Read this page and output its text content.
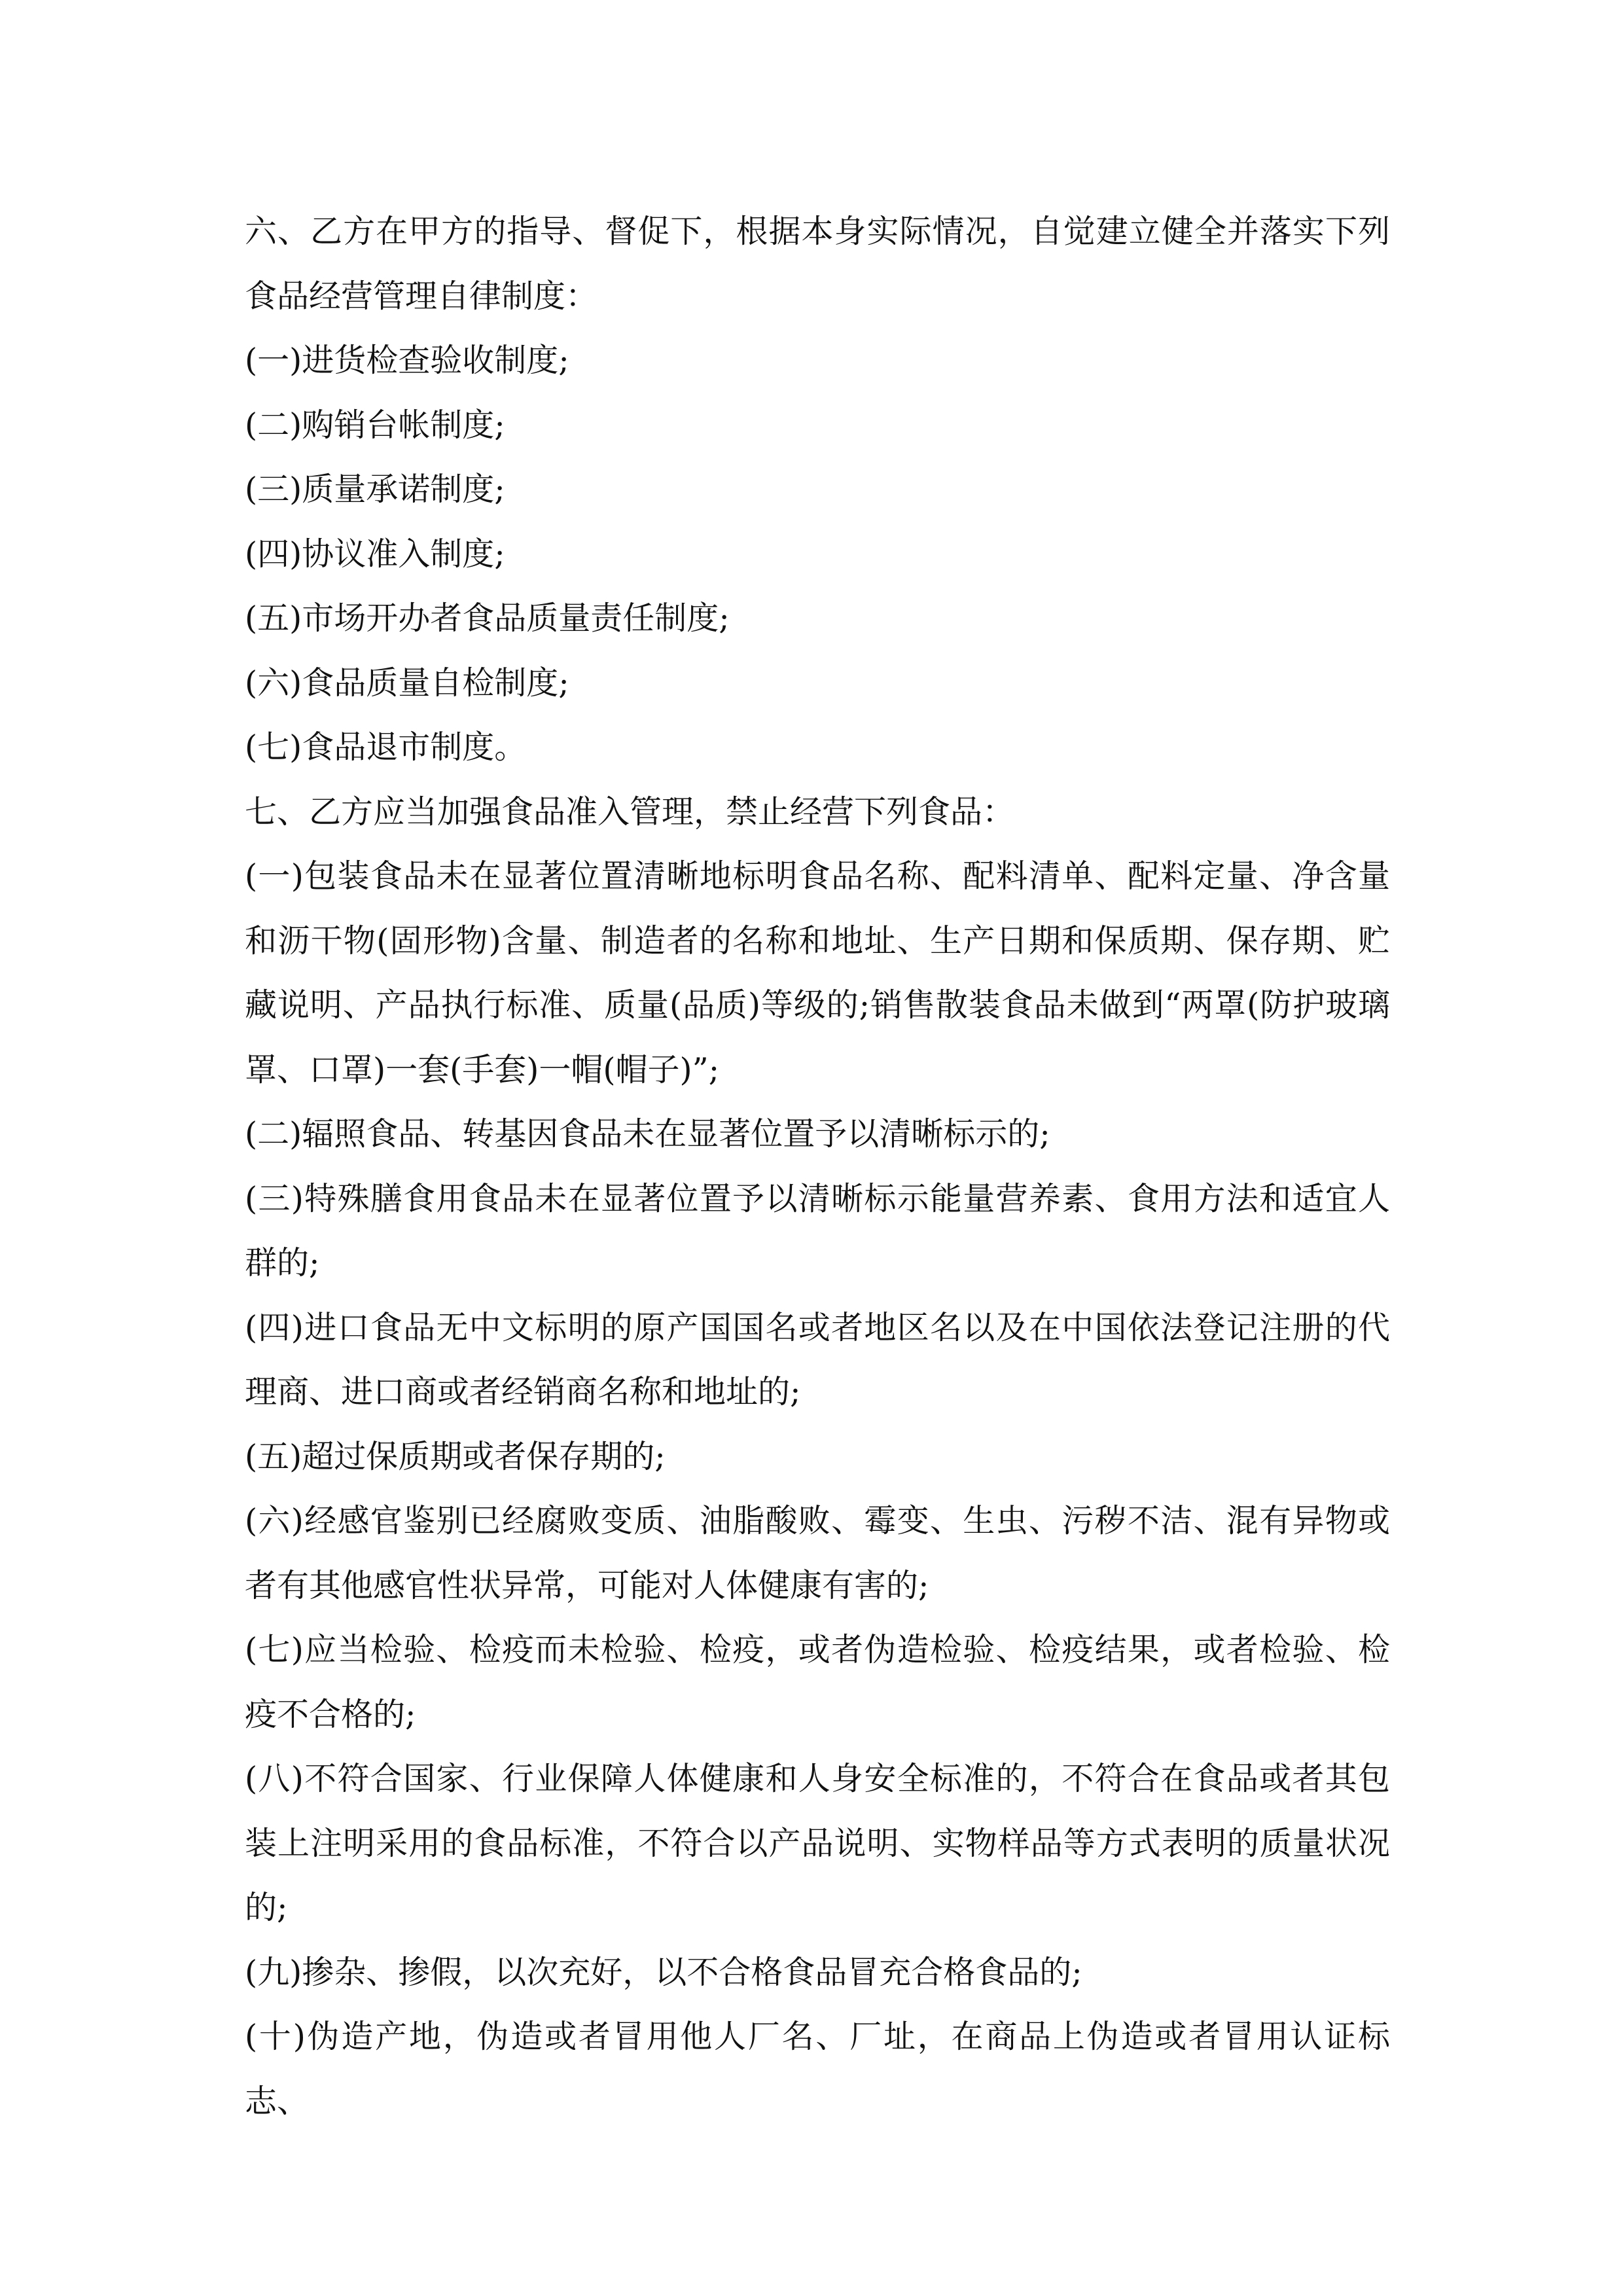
六、乙方在甲方的指导、督促下，根据本身实际情况，自觉建立健全并落实下列食品经营管理自律制度：

(一)进货检查验收制度;

(二)购销台帐制度;

(三)质量承诺制度;

(四)协议准入制度;

(五)市场开办者食品质量责任制度;

(六)食品质量自检制度;

(七)食品退市制度。

七、乙方应当加强食品准入管理，禁止经营下列食品：

(一)包装食品未在显著位置清晰地标明食品名称、配料清单、配料定量、净含量和沥干物(固形物)含量、制造者的名称和地址、生产日期和保质期、保存期、贮藏说明、产品执行标准、质量(品质)等级的;销售散装食品未做到“两罩(防护玻璃罩、口罩)一套(手套)一帽(帽子)”;

(二)辐照食品、转基因食品未在显著位置予以清晰标示的;

(三)特殊膳食用食品未在显著位置予以清晰标示能量营养素、食用方法和适宜人群的;

(四)进口食品无中文标明的原产国国名或者地区名以及在中国依法登记注册的代理商、进口商或者经销商名称和地址的;

(五)超过保质期或者保存期的;

(六)经感官鉴别已经腐败变质、油脂酸败、霉变、生虫、污秽不洁、混有异物或者有其他感官性状异常，可能对人体健康有害的;

(七)应当检验、检疫而未检验、检疫，或者伪造检验、检疫结果，或者检验、检疫不合格的;

(八)不符合国家、行业保障人体健康和人身安全标准的，不符合在食品或者其包装上注明采用的食品标准，不符合以产品说明、实物样品等方式表明的质量状况的;

(九)掺杂、掺假，以次充好，以不合格食品冒充合格食品的;

(十)伪造产地，伪造或者冒用他人厂名、厂址，在商品上伪造或者冒用认证标志、
